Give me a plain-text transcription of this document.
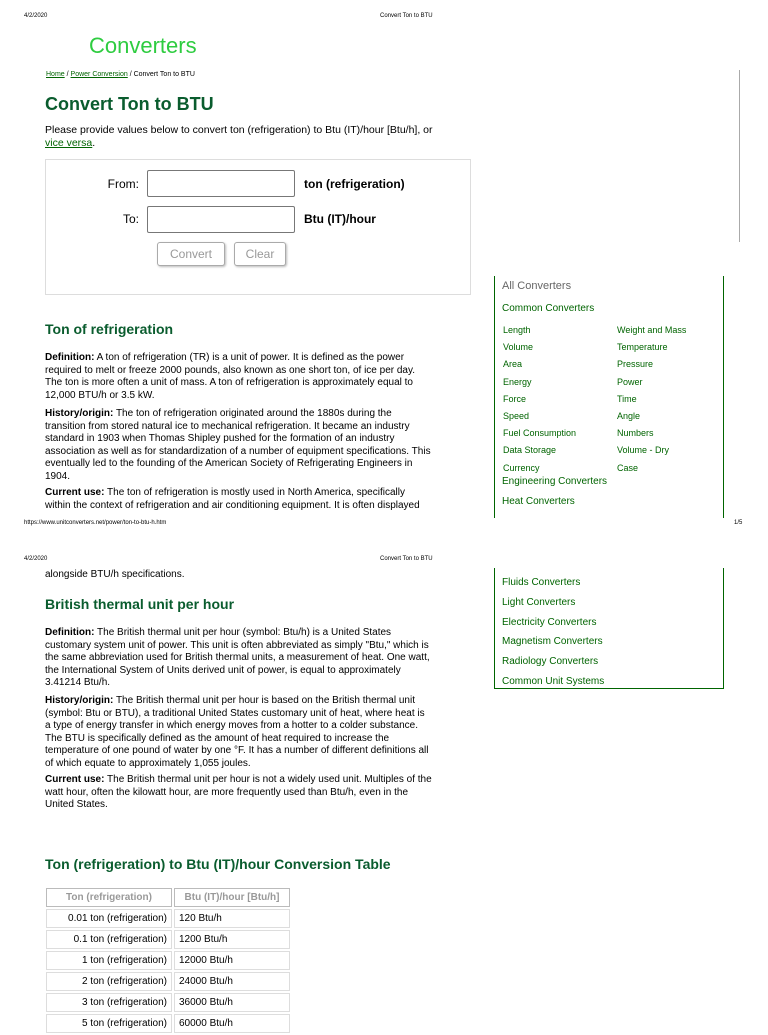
4/2/2020	Convert Ton to BTU
Converters
Home / Power Conversion / Convert Ton to BTU
Convert Ton to BTU
Please provide values below to convert ton (refrigeration) to Btu (IT)/hour [Btu/h], or
vice versa.
From:	ton (refrigeration)
To:	Btu (IT)/hour
Convert	Clear
All Converters
Common Converters
Length
Volume
Area
Energy
Force
Speed
Fuel Consumption
Data Storage
Currency
Weight and Mass
Temperature
Pressure
Power
Time
Angle
Numbers
Volume - Dry
Case
Engineering Converters
Heat Converters
Ton of refrigeration
Definition: A ton of refrigeration (TR) is a unit of power. It is defined as the power
required to melt or freeze 2000 pounds, also known as one short ton, of ice per day.
The ton is more often a unit of mass. A ton of refrigeration is approximately equal to
12,000 BTU/h or 3.5 kW.
History/origin: The ton of refrigeration originated around the 1880s during the
transition from stored natural ice to mechanical refrigeration. It became an industry
standard in 1903 when Thomas Shipley pushed for the formation of an industry
association as well as for standardization of a number of equipment specifications. This
eventually led to the founding of the American Society of Refrigerating Engineers in
1904.
Current use: The ton of refrigeration is mostly used in North America, specifically
within the context of refrigeration and air conditioning equipment. It is often displayed
https://www.unitconverters.net/power/ton-to-btu-h.htm	1/5
4/2/2020	Convert Ton to BTU
alongside BTU/h specifications.
Fluids Converters
Light Converters
Electricity Converters
Magnetism Converters
Radiology Converters
Common Unit Systems
British thermal unit per hour
Definition: The British thermal unit per hour (symbol: Btu/h) is a United States
customary system unit of power. This unit is often abbreviated as simply "Btu," which is
the same abbreviation used for British thermal units, a measurement of heat. One watt,
the International System of Units derived unit of power, is equal to approximately
3.41214 Btu/h.
History/origin: The British thermal unit per hour is based on the British thermal unit
(symbol: Btu or BTU), a traditional United States customary unit of heat, where heat is
a type of energy transfer in which energy moves from a hotter to a colder substance.
The BTU is specifically defined as the amount of heat required to increase the
temperature of one pound of water by one °F. It has a number of different definitions all
of which equate to approximately 1,055 joules.
Current use: The British thermal unit per hour is not a widely used unit. Multiples of the
watt hour, often the kilowatt hour, are more frequently used than Btu/h, even in the
United States.
Ton (refrigeration) to Btu (IT)/hour Conversion Table
Ton (refrigeration)	Btu (IT)/hour [Btu/h]
0.01 ton (refrigeration)	120 Btu/h
0.1 ton (refrigeration)	1200 Btu/h
1 ton (refrigeration)	12000 Btu/h
2 ton (refrigeration)	24000 Btu/h
3 ton (refrigeration)	36000 Btu/h
5 ton (refrigeration)	60000 Btu/h
